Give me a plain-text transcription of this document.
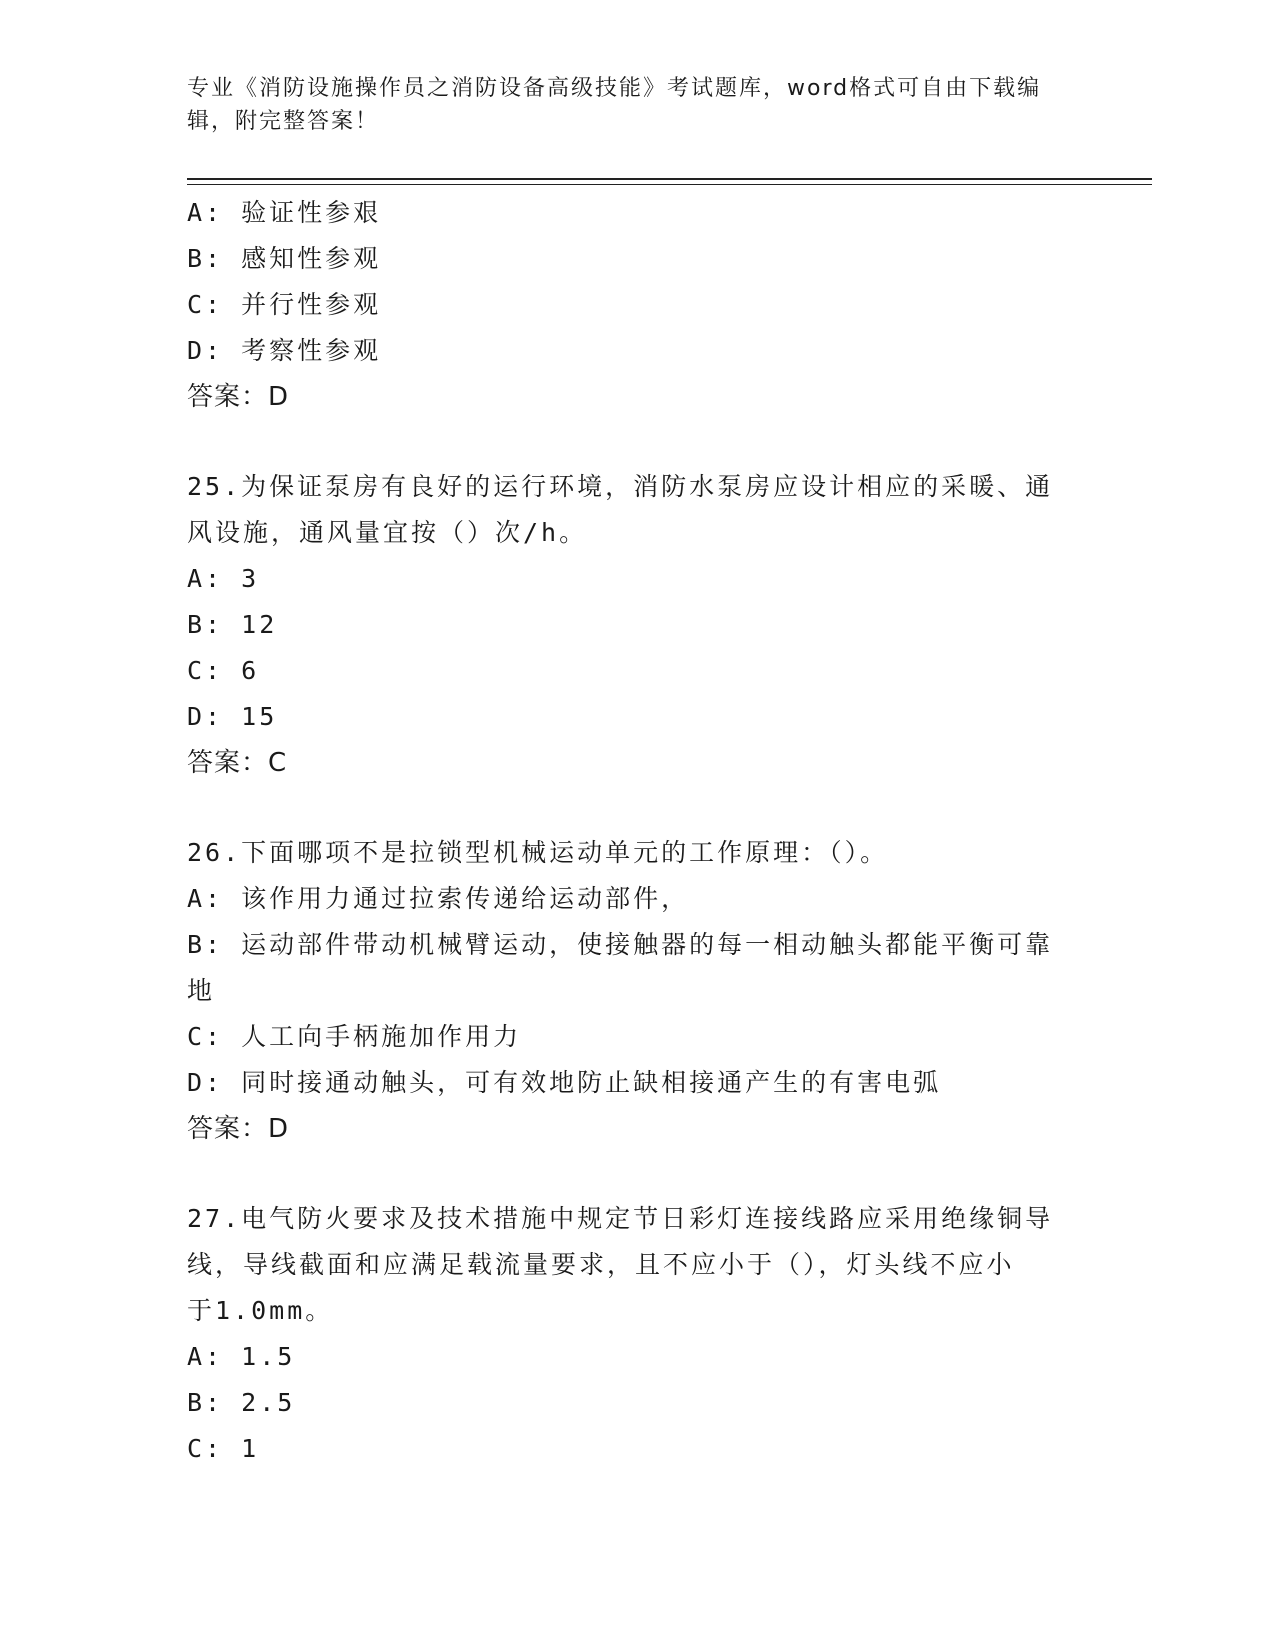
专业《消防设施操作员之消防设备高级技能》考试题库，word格式可自由下载编辑，附完整答案！
A: 验证性参艰
B: 感知性参观
C: 并行性参观
D: 考察性参观
答案：D
25.为保证泵房有良好的运行环境，消防水泵房应设计相应的采暖、通
风设施，通风量宜按（）次/h。
A: 3
B: 12
C: 6
D: 15
答案：C
26.下面哪项不是拉锁型机械运动单元的工作原理：（）。
A: 该作用力通过拉索传递给运动部件，
B: 运动部件带动机械臂运动，使接触器的每一相动触头都能平衡可靠
地
C: 人工向手柄施加作用力
D: 同时接通动触头，可有效地防止缺相接通产生的有害电弧
答案：D
27.电气防火要求及技术措施中规定节日彩灯连接线路应采用绝缘铜导
线，导线截面和应满足载流量要求，且不应小于（），灯头线不应小
于1.0mm。
A: 1.5
B: 2.5
C: 1
